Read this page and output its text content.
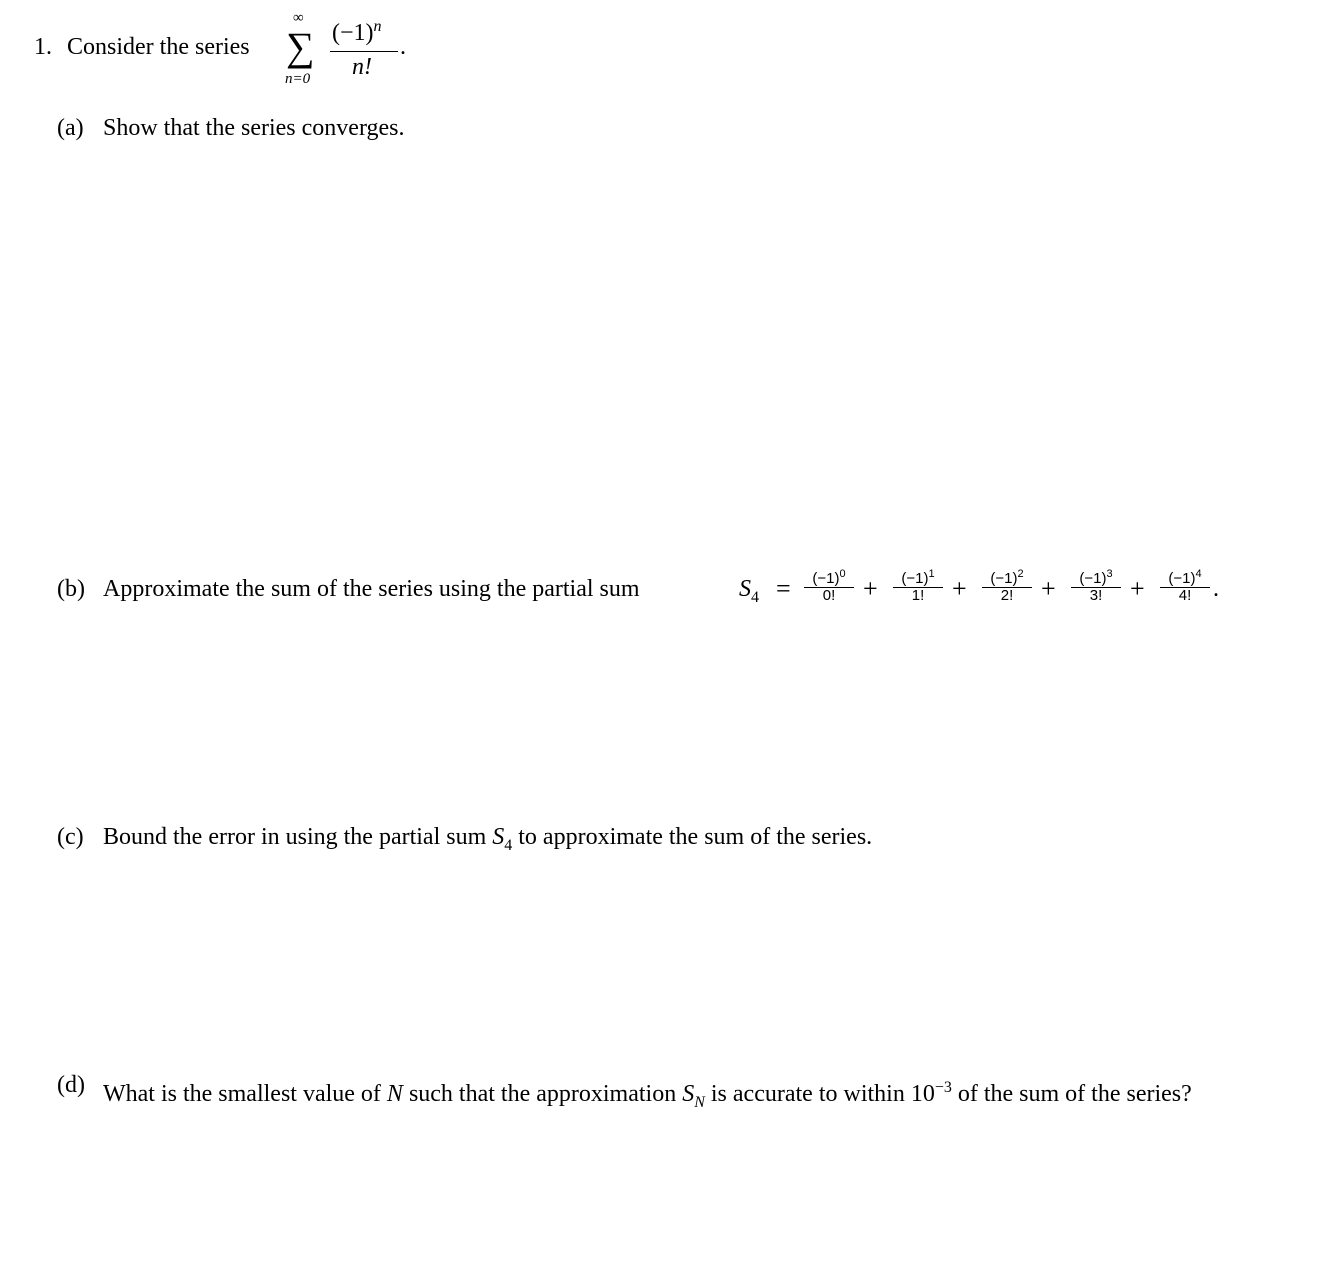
1. Consider the series
∞
∑
n=0
$(-1)^n$
n!
.
(a) Show that the series converges.
(b) Approximate the sum of the series using the partial sum	$S_4$ =	$(-1)^0$
0!	+	$(-1)^1$
1!	+	$(-1)^2$
2!	+	$(-1)^3$
3!	+	$(-1)^4$
4! .
(c) Bound the error in using the partial sum $S_4$ to approximate the sum of the series.
(d) What is the smallest value of N such that the approximation $S_N$ is accurate to within $10^{-3}$ of the sum of the series?
